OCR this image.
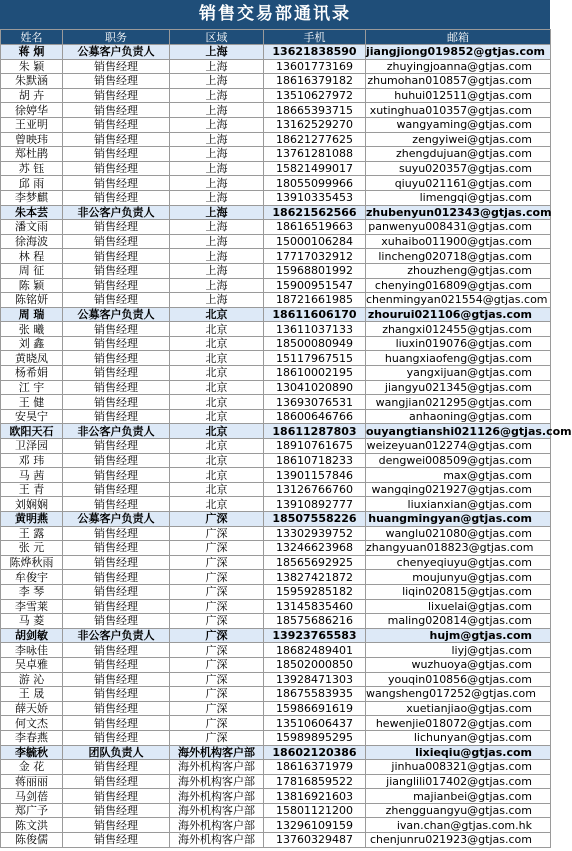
销售交易部通讯录
姓名	职务	区域	手机	邮箱
蒋 炯	公募客户负责人	上海	13621838590	jiangjiong019852@gtjas.com
朱 颖	销售经理	上海	13601773169	zhuyingjoanna@gtjas.com
朱默涵	销售经理	上海	18616379182	zhumohan010857@gtjas.com
胡 卉	销售经理	上海	13510627972	huhui012511@gtjas.com
徐婷华	销售经理	上海	18665393715	xutinghua010357@gtjas.com
王亚明	销售经理	上海	13162529270	wangyaming@gtjas.com
曾映玮	销售经理	上海	18621277625	zengyiwei@gtjas.com
郑杜鹃	销售经理	上海	13761281088	zhengdujuan@gtjas.com
苏 钰	销售经理	上海	15821499017	suyu020357@gtjas.com
邱 雨	销售经理	上海	18055099966	qiuyu021161@gtjas.com
李梦麒	销售经理	上海	13910335453	limengqi@gtjas.com
朱本芸	非公客户负责人	上海	18621562566	zhubenyun012343@gtjas.com
潘文雨	销售经理	上海	18616519663	panwenyu008431@gtjas.com
徐海波	销售经理	上海	15000106284	xuhaibo011900@gtjas.com
林 程	销售经理	上海	17717032912	lincheng020718@gtjas.com
周 征	销售经理	上海	15968801992	zhouzheng@gtjas.com
陈 颖	销售经理	上海	15900951547	chenying016809@gtjas.com
陈铭妍	销售经理	上海	18721661985	chenmingyan021554@gtjas.com
周 瑞	公募客户负责人	北京	18611606170	zhourui021106@gtjas.com
张 曦	销售经理	北京	13611037133	zhangxi012455@gtjas.com
刘 鑫	销售经理	北京	18500080949	liuxin019076@gtjas.com
黄晓凤	销售经理	北京	15117967515	huangxiaofeng@gtjas.com
杨希娟	销售经理	北京	18610002195	yangxijuan@gtjas.com
江 宇	销售经理	北京	13041020890	jiangyu021345@gtjas.com
王 健	销售经理	北京	13693076531	wangjian021295@gtjas.com
安昊宁	销售经理	北京	18600646766	anhaoning@gtjas.com
欧阳天石	非公客户负责人	北京	18611287803	ouyangtianshi021126@gtjas.com
卫泽园	销售经理	北京	18910761675	weizeyuan012274@gtjas.com
邓 玮	销售经理	北京	18610718233	dengwei008509@gtjas.com
马 茜	销售经理	北京	13901157846	max@gtjas.com
王 青	销售经理	北京	13126766760	wangqing021927@gtjas.com
刘娴娴	销售经理	北京	13910892777	liuxianxian@gtjas.com
黄明燕	公募客户负责人	广深	18507558226	huangmingyan@gtjas.com
王 露	销售经理	广深	13302939752	wanglu021080@gtjas.com
张 元	销售经理	广深	13246623968	zhangyuan018823@gtjas.com
陈烨秋雨	销售经理	广深	18565692925	chenyeqiuyu@gtjas.com
牟俊宇	销售经理	广深	13827421872	moujunyu@gtjas.com
李 琴	销售经理	广深	15959285182	liqin020815@gtjas.com
李雪莱	销售经理	广深	13145835460	lixuelai@gtjas.com
马 菱	销售经理	广深	18575686216	maling020814@gtjas.com
胡剑敏	非公客户负责人	广深	13923765583	hujm@gtjas.com
李咏佳	销售经理	广深	18682489401	liyj@gtjas.com
吴卓雅	销售经理	广深	18502000850	wuzhuoya@gtjas.com
游 沁	销售经理	广深	13928471303	youqin010856@gtjas.com
王 晟	销售经理	广深	18675583935	wangsheng017252@gtjas.com
薛天娇	销售经理	广深	15986691619	xuetianjiao@gtjas.com
何文杰	销售经理	广深	13510606437	hewenjie018072@gtjas.com
李春燕	销售经理	广深	15989895295	lichunyan@gtjas.com
李毓秋	团队负责人	海外机构客户部	18602120386	lixieqiu@gtjas.com
金 花	销售经理	海外机构客户部	18616371979	jinhua008321@gtjas.com
蒋丽丽	销售经理	海外机构客户部	17816859522	jianglili017402@gtjas.com
马剑蓓	销售经理	海外机构客户部	13816921603	majianbei@gtjas.com
郑广予	销售经理	海外机构客户部	15801121200	zhengguangyu@gtjas.com
陈文洪	销售经理	海外机构客户部	13296109159	ivan.chan@gtjas.com.hk
陈俊儒	销售经理	海外机构客户部	13760329487	chenjunru021923@gtjas.com
